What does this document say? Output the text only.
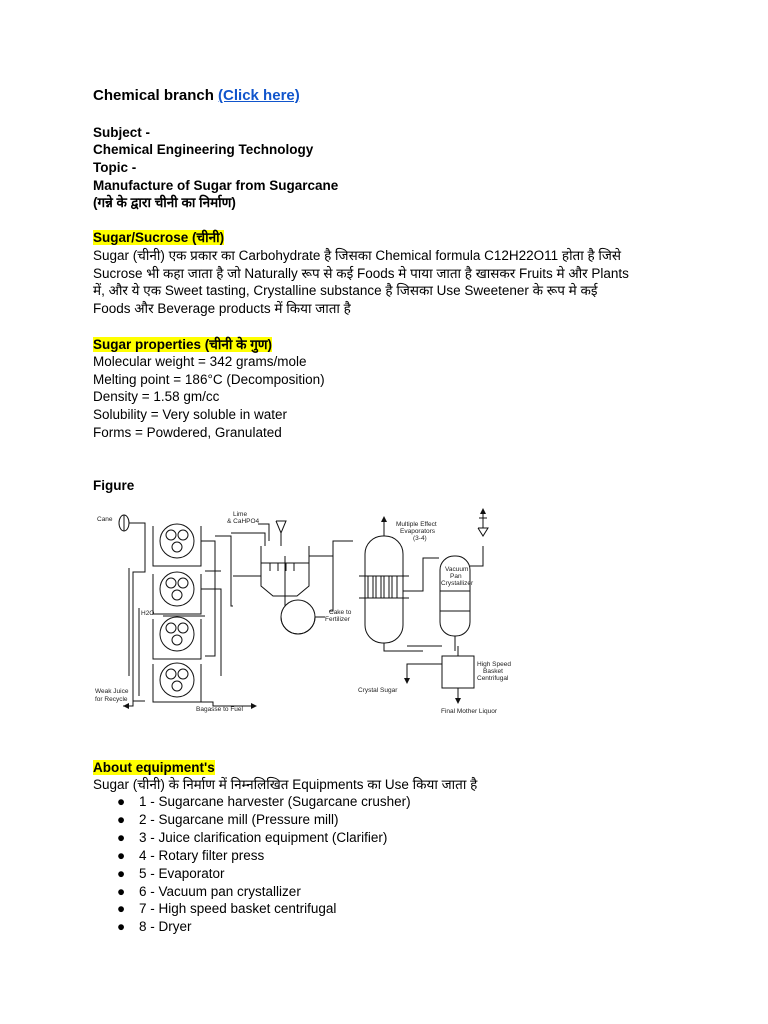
Chemical branch (Click here)
Subject -
Chemical Engineering Technology
Topic -
Manufacture of Sugar from Sugarcane
(गन्ने के द्वारा चीनी का निर्माण)
Sugar/Sucrose (चीनी)
Sugar (चीनी) एक प्रकार का Carbohydrate है जिसका Chemical formula C12H22O11 होता है जिसे
Sucrose भी कहा जाता है जो Naturally रूप से कई Foods मे पाया जाता है खासकर Fruits मे और Plants
में, और ये एक Sweet tasting, Crystalline substance है जिसका Use Sweetener के रूप मे कई
Foods और Beverage products में किया जाता है
Sugar properties (चीनी के गुण)
Molecular weight = 342 grams/mole
Melting point = 186°C (Decomposition)
Density = 1.58 gm/cc
Solubility = Very soluble in water
Forms = Powdered, Granulated
Figure
Cane
Lime
& CaHPO4
H2O
Multiple Effect
Evaporators
(3-4)
Vacuum
Pan
Crystallizer
Cake to
Fertilizer
High Speed
Basket
Centrifugal
Crystal Sugar
Weak Juice
for Recycle
Bagasse to Fuel	Final Mother Liquor
About equipment's
Sugar (चीनी) के निर्माण में निम्नलिखित Equipments का Use किया जाता है
● 1 - Sugarcane harvester (Sugarcane crusher)
● 2 - Sugarcane mill (Pressure mill)
● 3 - Juice clarification equipment (Clarifier)
● 4 - Rotary filter press
● 5 - Evaporator
● 6 - Vacuum pan crystallizer
● 7 - High speed basket centrifugal
● 8 - Dryer
